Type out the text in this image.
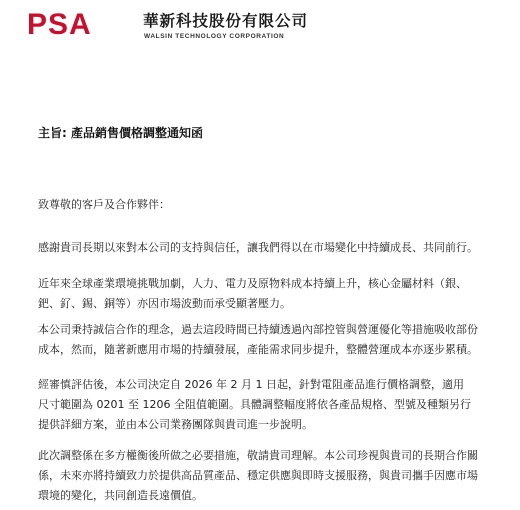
PSA	華新科技股份有限公司
WALSIN TECHNOLOGY CORPORATION
主旨: 產品銷售價格調整通知函
致尊敬的客戶及合作夥伴：

感謝貴司長期以來對本公司的支持與信任，讓我們得以在市場變化中持續成長、共同前行。

近年來全球產業環境挑戰加劇，人力、電力及原物料成本持續上升，核心金屬材料（銀、
鈀、釕、錫、銅等）亦因市場波動而承受顯著壓力。

本公司秉持誠信合作的理念，過去這段時間已持續透過內部控管與營運優化等措施吸收部份
成本，然而，隨著新應用市場的持續發展，產能需求同步提升，整體營運成本亦逐步累積。

經審慎評估後，本公司決定自 2026 年 2 月 1 日起，針對電阻產品進行價格調整，適用
尺寸範圍為 0201 至 1206 全阻值範圍。具體調整幅度將依各產品規格、型號及種類另行
提供詳細方案，並由本公司業務團隊與貴司進一步說明。

此次調整係在多方權衡後所做之必要措施，敬請貴司理解。本公司珍視與貴司的長期合作關
係，未來亦將持續致力於提供高品質產品、穩定供應與即時支援服務，與貴司攜手因應市場
環境的變化，共同創造長遠價值。
